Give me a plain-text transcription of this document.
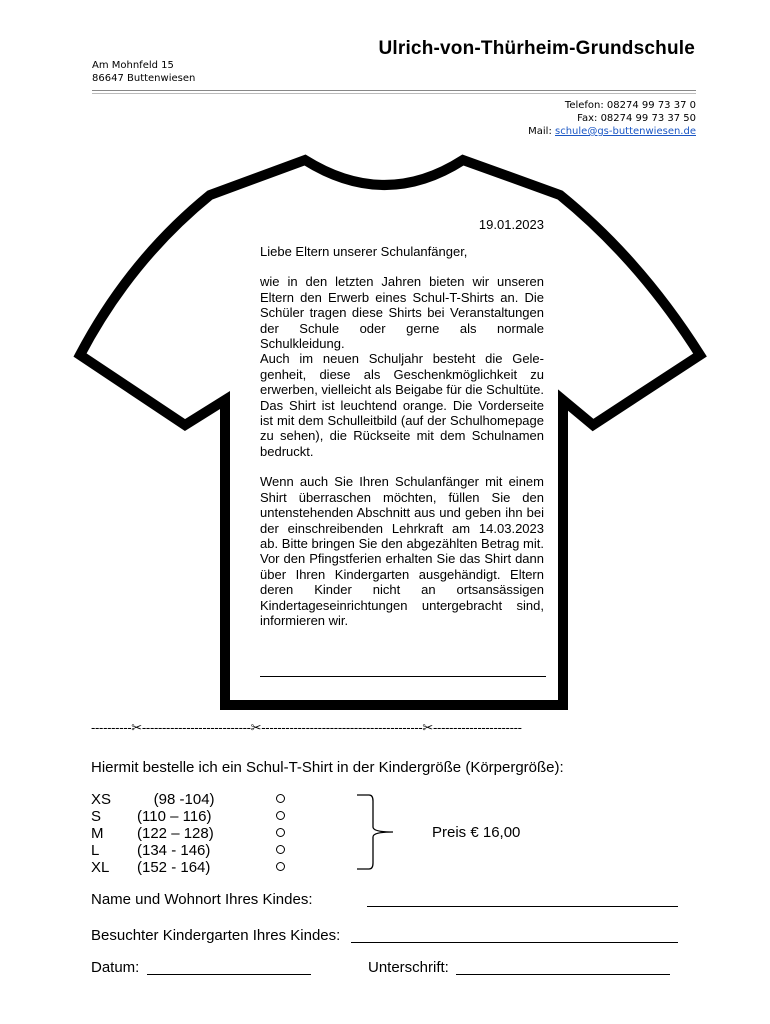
Ulrich-von-Thürheim-Grundschule
Am Mohnfeld 15
86647 Buttenwiesen
Telefon: 08274 99 73 37 0
Fax: 08274 99 73 37 50
Mail: schule@gs-buttenwiesen.de
19.01.2023

Liebe Eltern unserer Schulanfänger,

wie in den letzten Jahren bieten wir unseren Eltern den Erwerb eines Schul-T-Shirts an. Die Schüler tragen diese Shirts bei Veranstaltungen der Schule oder gerne als normale Schulkleidung.

Auch im neuen Schuljahr besteht die Gele-genheit, diese als Geschenkmöglichkeit zu erwerben, vielleicht als Beigabe für die Schultüte.

Das Shirt ist leuchtend orange. Die Vorderseite ist mit dem Schulleitbild (auf der Schulhomepage zu sehen), die Rückseite mit dem Schulnamen bedruckt.

Wenn auch Sie Ihren Schulanfänger mit einem Shirt überraschen möchten, füllen Sie den untenstehenden Abschnitt aus und geben ihn bei der einschreibenden Lehrkraft am 14.03.2023 ab. Bitte bringen Sie den abgezählten Betrag mit. Vor den Pfingstferien erhalten Sie das Shirt dann über Ihren Kindergarten ausgehändigt. Eltern deren Kinder nicht an ortsansässigen Kindertageseinrichtungen untergebracht sind, informieren wir.

----------✂---------------------------✂----------------------------------------✂----------------------
Hiermit bestelle ich ein Schul-T-Shirt in der Kindergröße (Körpergröße):
XS (98 -104)
S (110 – 116)
M (122 – 128)
L	(134 - 146)
XL (152 - 164)
Preis € 16,00
Name und Wohnort Ihres Kindes:
Besuchter Kindergarten Ihres Kindes:
Datum:	Unterschrift:
